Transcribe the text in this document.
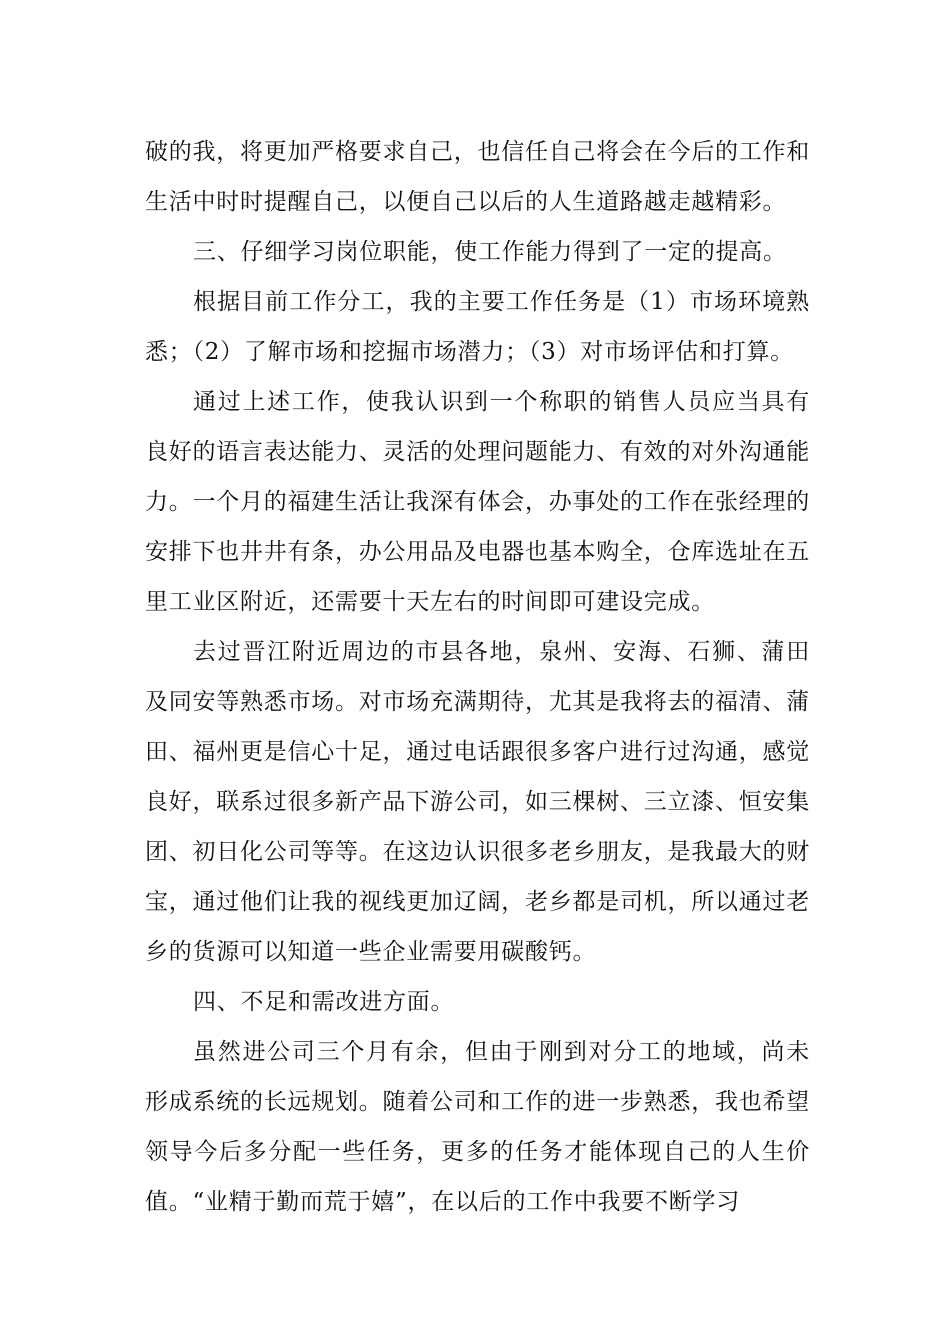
破的我，将更加严格要求自己，也信任自己将会在今后的工作和生活中时时提醒自己，以便自己以后的人生道路越走越精彩。

三、仔细学习岗位职能，使工作能力得到了一定的提高。

根据目前工作分工，我的主要工作任务是（1）市场环境熟悉；（2）了解市场和挖掘市场潜力；（3）对市场评估和打算。

通过上述工作，使我认识到一个称职的销售人员应当具有良好的语言表达能力、灵活的处理问题能力、有效的对外沟通能力。一个月的福建生活让我深有体会，办事处的工作在张经理的安排下也井井有条，办公用品及电器也基本购全，仓库选址在五里工业区附近，还需要十天左右的时间即可建设完成。

去过晋江附近周边的市县各地，泉州、安海、石狮、蒲田及同安等熟悉市场。对市场充满期待，尤其是我将去的福清、蒲田、福州更是信心十足，通过电话跟很多客户进行过沟通，感觉良好，联系过很多新产品下游公司，如三棵树、三立漆、恒安集团、初日化公司等等。在这边认识很多老乡朋友，是我最大的财宝，通过他们让我的视线更加辽阔，老乡都是司机，所以通过老乡的货源可以知道一些企业需要用碳酸钙。

四、不足和需改进方面。

虽然进公司三个月有余，但由于刚到对分工的地域，尚未形成系统的长远规划。随着公司和工作的进一步熟悉，我也希望领导今后多分配一些任务，更多的任务才能体现自己的人生价值。“业精于勤而荒于嬉”，在以后的工作中我要不断学习
